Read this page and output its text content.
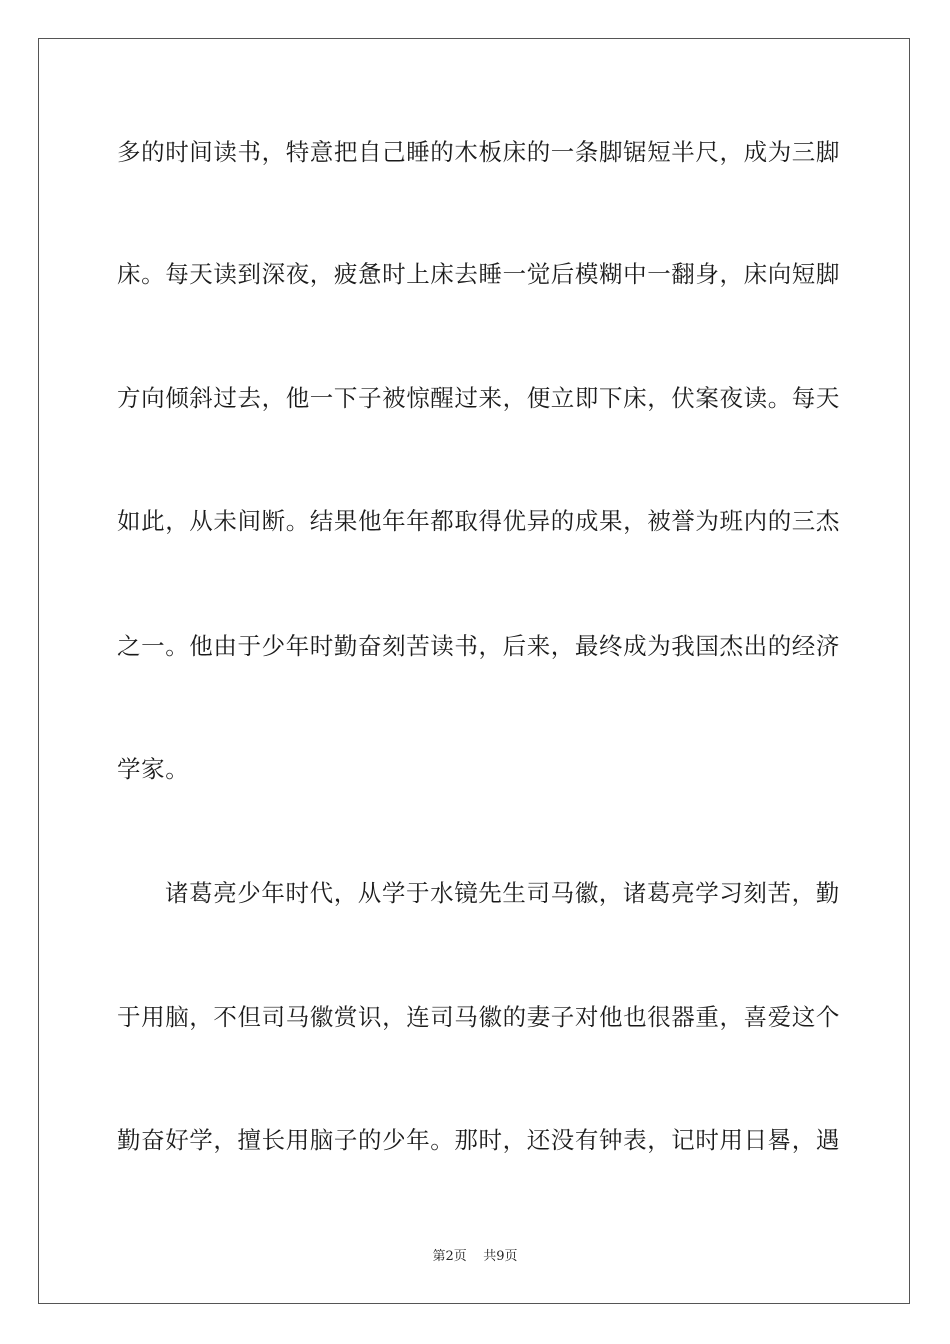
多的时间读书，特意把自己睡的木板床的一条脚锯短半尺，成为三脚
床。每天读到深夜，疲惫时上床去睡一觉后模糊中一翻身，床向短脚
方向倾斜过去，他一下子被惊醒过来，便立即下床，伏案夜读。每天
如此，从未间断。结果他年年都取得优异的成果，被誉为班内的三杰
之一。他由于少年时勤奋刻苦读书，后来，最终成为我国杰出的经济
学家。
诸葛亮少年时代，从学于水镜先生司马徽，诸葛亮学习刻苦，勤
于用脑，不但司马徽赏识，连司马徽的妻子对他也很器重，喜爱这个
勤奋好学，擅长用脑子的少年。那时，还没有钟表，记时用日晷，遇
第2页    共9页
